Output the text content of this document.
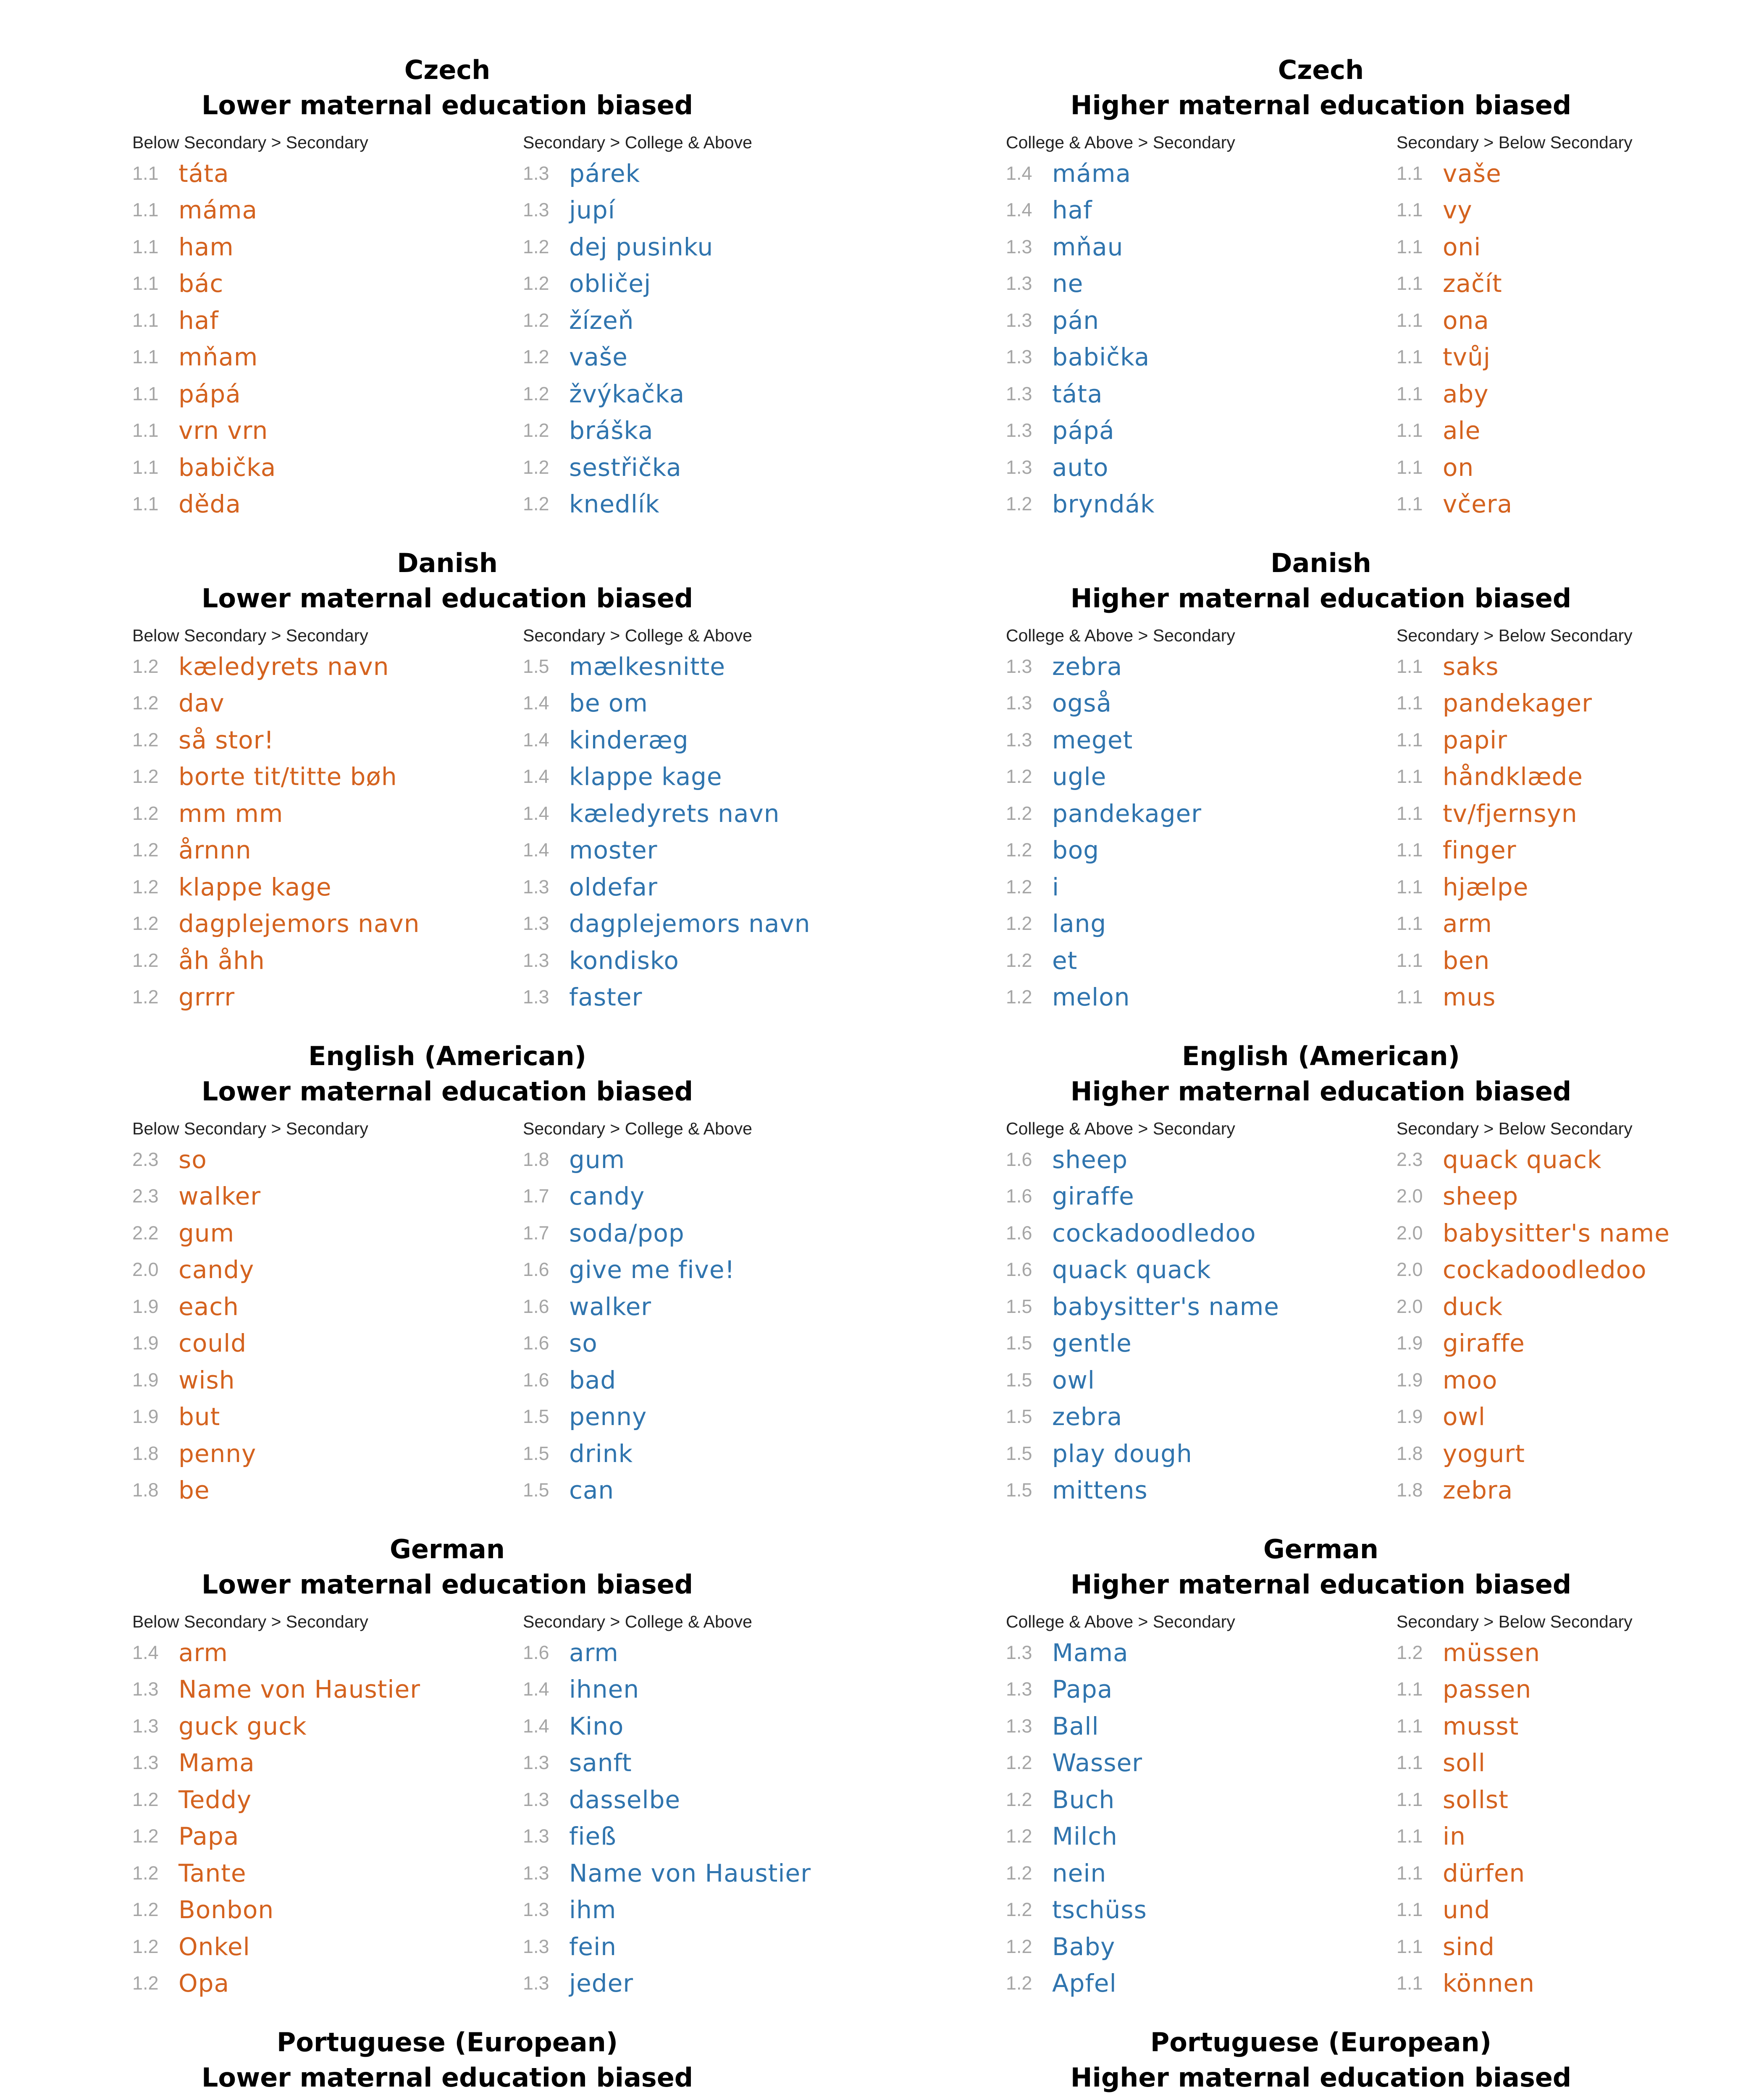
Czech
Lower maternal education biased
Below Secondary > Secondary
1.1 táta
1.1 máma
1.1 ham
1.1 bác
1.1 haf
1.1 mňam
1.1 pápá
1.1 vrn vrn
1.1 babička
1.1 děda
Secondary > College & Above
1.3 párek
1.3 jupí
1.2 dej pusinku
1.2 obličej
1.2 žízeň
1.2 vaše
1.2 žvýkačka
1.2 bráška
1.2 sestřička
1.2 knedlík
Czech
Higher maternal education biased
College & Above > Secondary
1.4 máma
1.4 haf
1.3 mňau
1.3 ne
1.3 pán
1.3 babička
1.3 táta
1.3 pápá
1.3 auto
1.2 bryndák
Secondary > Below Secondary
1.1 vaše
1.1 vy
1.1 oni
1.1 začít
1.1 ona
1.1 tvůj
1.1 aby
1.1 ale
1.1 on
1.1 včera
Danish
Lower maternal education biased
Below Secondary > Secondary
1.2 kæledyrets navn
1.2 dav
1.2 så stor!
1.2 borte tit/titte bøh
1.2 mm mm
1.2 årnnn
1.2 klappe kage
1.2 dagplejemors navn
1.2 åh åhh
1.2 grrrr
Secondary > College & Above
1.5 mælkesnitte
1.4 be om
1.4 kinderæg
1.4 klappe kage
1.4 kæledyrets navn
1.4 moster
1.3 oldefar
1.3 dagplejemors navn
1.3 kondisko
1.3 faster
Danish
Higher maternal education biased
College & Above > Secondary
1.3 zebra
1.3 også
1.3 meget
1.2 ugle
1.2 pandekager
1.2 bog
1.2 i
1.2 lang
1.2 et
1.2 melon
Secondary > Below Secondary
1.1 saks
1.1 pandekager
1.1 papir
1.1 håndklæde
1.1 tv/fjernsyn
1.1 finger
1.1 hjælpe
1.1 arm
1.1 ben
1.1 mus
English (American)
Lower maternal education biased
Below Secondary > Secondary
2.3 so
2.3 walker
2.2 gum
2.0 candy
1.9 each
1.9 could
1.9 wish
1.9 but
1.8 penny
1.8 be
Secondary > College & Above
1.8 gum
1.7 candy
1.7 soda/pop
1.6 give me five!
1.6 walker
1.6 so
1.6 bad
1.5 penny
1.5 drink
1.5 can
English (American)
Higher maternal education biased
College & Above > Secondary
1.6 sheep
1.6 giraffe
1.6 cockadoodledoo
1.6 quack quack
1.5 babysitter's name
1.5 gentle
1.5 owl
1.5 zebra
1.5 play dough
1.5 mittens
Secondary > Below Secondary
2.3 quack quack
2.0 sheep
2.0 babysitter's name
2.0 cockadoodledoo
2.0 duck
1.9 giraffe
1.9 moo
1.9 owl
1.8 yogurt
1.8 zebra
German
Lower maternal education biased
Below Secondary > Secondary
1.4 arm
1.3 Name von Haustier
1.3 guck guck
1.3 Mama
1.2 Teddy
1.2 Papa
1.2 Tante
1.2 Bonbon
1.2 Onkel
1.2 Opa
Secondary > College & Above
1.6 arm
1.4 ihnen
1.4 Kino
1.3 sanft
1.3 dasselbe
1.3 fieß
1.3 Name von Haustier
1.3 ihm
1.3 fein
1.3 jeder
German
Higher maternal education biased
College & Above > Secondary
1.3 Mama
1.3 Papa
1.3 Ball
1.2 Wasser
1.2 Buch
1.2 Milch
1.2 nein
1.2 tschüss
1.2 Baby
1.2 Apfel
Secondary > Below Secondary
1.2 müssen
1.1 passen
1.1 musst
1.1 soll
1.1 sollst
1.1 in
1.1 dürfen
1.1 und
1.1 sind
1.1 können
Portuguese (European)
Lower maternal education biased
Portuguese (European)
Higher maternal education biased
